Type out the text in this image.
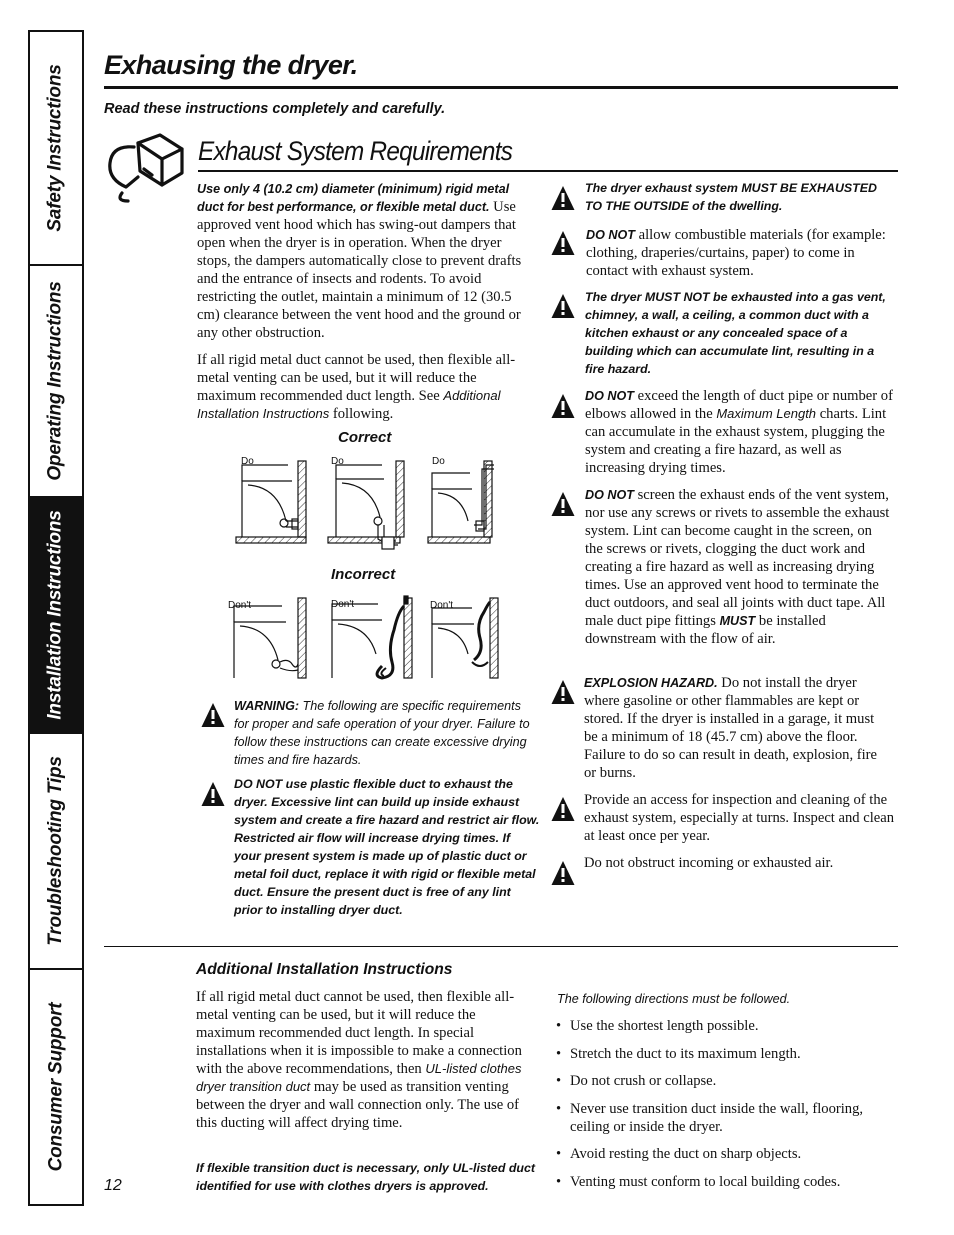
Safety Instructions
Operating Instructions
Installation Instructions
Troubleshooting Tips
Consumer Support
Exhausing the dryer.
Read these instructions completely and carefully.
Exhaust System Requirements
Use only 4 (10.2 cm) diameter (minimum) rigid metal duct for best performance, or flexible metal duct. Use approved vent hood which has swing-out dampers that open when the dryer is in operation. When the dryer stops, the dampers automatically close to prevent drafts and the entrance of insects and rodents. To avoid restricting the outlet, maintain a minimum of 12 (30.5 cm) clearance between the vent hood and the ground or any other obstruction.
If all rigid metal duct cannot be used, then flexible all-metal venting can be used, but it will reduce the maximum recommended duct length. See Additional Installation Instructions following.
Correct
Do	Do	Do
Incorrect
Don't	Don't	Don't
WARNING: The following are specific requirements for proper and safe operation of your dryer. Failure to follow these instructions can create excessive drying times and fire hazards.
DO NOT use plastic flexible duct to exhaust the dryer. Excessive lint can build up inside exhaust system and create a fire hazard and restrict air flow. Restricted air flow will increase drying times. If your present system is made up of plastic duct or metal foil duct, replace it with rigid or flexible metal duct. Ensure the present duct is free of any lint prior to installing dryer duct.
The dryer exhaust system MUST BE EXHAUSTED TO THE OUTSIDE of the dwelling.
DO NOT allow combustible materials (for example: clothing, draperies/curtains, paper) to come in contact with exhaust system.
The dryer MUST NOT be exhausted into a gas vent, chimney, a wall, a ceiling, a common duct with a kitchen exhaust or any concealed space of a building which can accumulate lint, resulting in a fire hazard.
DO NOT exceed the length of duct pipe or number of elbows allowed in the Maximum Length charts. Lint can accumulate in the exhaust system, plugging the system and creating a fire hazard, as well as increasing drying times.
DO NOT screen the exhaust ends of the vent system, nor use any screws or rivets to assemble the exhaust system. Lint can become caught in the screen, on the screws or rivets, clogging the duct work and creating a fire hazard as well as increasing drying times. Use an approved vent hood to terminate the duct outdoors, and seal all joints with duct tape. All male duct pipe fittings MUST be installed downstream with the flow of air.
EXPLOSION HAZARD. Do not install the dryer where gasoline or other flammables are kept or stored. If the dryer is installed in a garage, it must be a minimum of 18 (45.7 cm) above the floor. Failure to do so can result in death, explosion, fire or burns.
Provide an access for inspection and cleaning of the exhaust system, especially at turns. Inspect and clean at least once per year.
Do not obstruct incoming or exhausted air.
Additional Installation Instructions
If all rigid metal duct cannot be used, then flexible all-metal venting can be used, but it will reduce the maximum recommended duct length. In special installations when it is impossible to make a connection with the above recommendations, then UL-listed clothes dryer transition duct may be used as transition venting between the dryer and wall connection only. The use of this ducting will affect drying time.
If flexible transition duct is necessary, only UL-listed duct identified for use with clothes dryers is approved.
The following directions must be followed.
• Use the shortest length possible.
• Stretch the duct to its maximum length.
• Do not crush or collapse.
• Never use transition duct inside the wall, flooring, ceiling or inside the dryer.
• Avoid resting the duct on sharp objects.
• Venting must conform to local building codes.
12
